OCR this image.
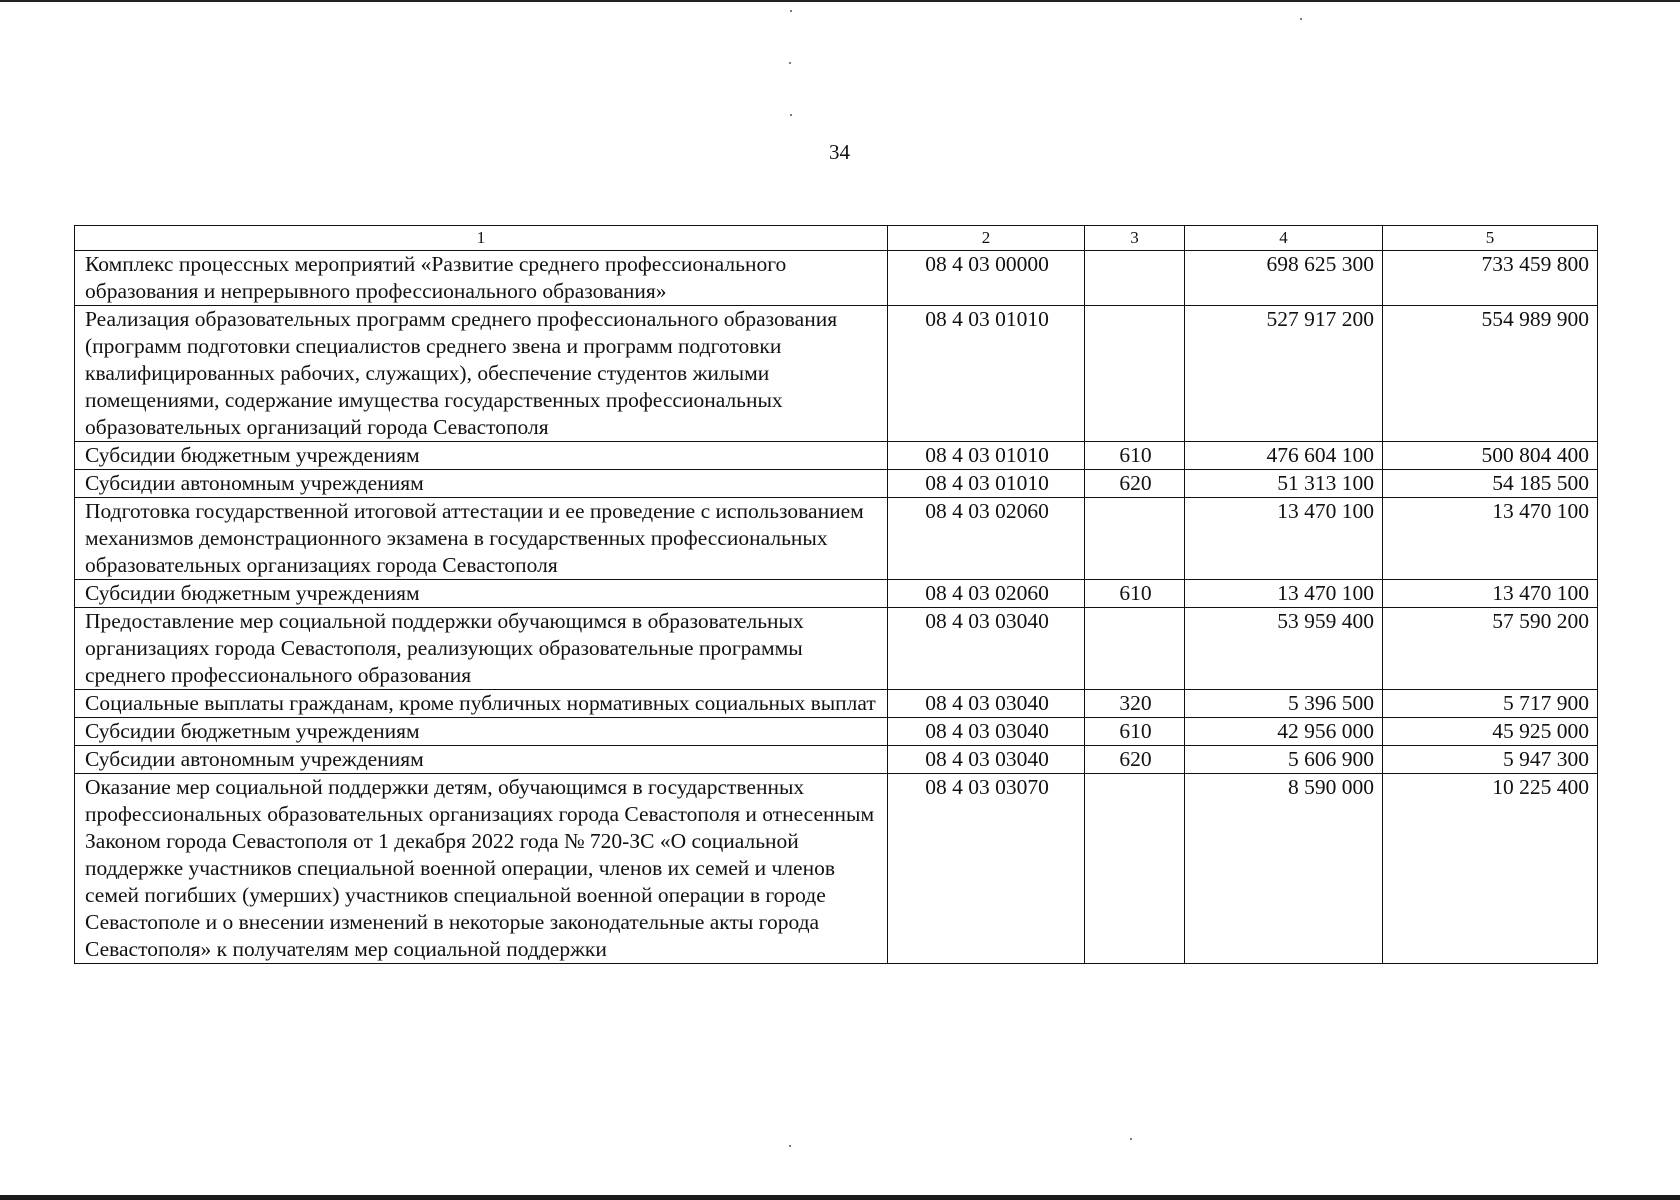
34
1	2	3	4	5
Комплекс процессных мероприятий «Развитие среднего профессионального образования и непрерывного профессионального образования»	08 4 03 00000		698 625 300	733 459 800
Реализация образовательных программ среднего профессионального образования (программ подготовки специалистов среднего звена и программ подготовки квалифицированных рабочих, служащих), обеспечение студентов жилыми помещениями, содержание имущества государственных профессиональных образовательных организаций города Севастополя	08 4 03 01010		527 917 200	554 989 900
Субсидии бюджетным учреждениям	08 4 03 01010	610	476 604 100	500 804 400
Субсидии автономным учреждениям	08 4 03 01010	620	51 313 100	54 185 500
Подготовка государственной итоговой аттестации и ее проведение с использованием механизмов демонстрационного экзамена в государственных профессиональных образовательных организациях города Севастополя	08 4 03 02060		13 470 100	13 470 100
Субсидии бюджетным учреждениям	08 4 03 02060	610	13 470 100	13 470 100
Предоставление мер социальной поддержки обучающимся в образовательных организациях города Севастополя, реализующих образовательные программы среднего профессионального образования	08 4 03 03040		53 959 400	57 590 200
Социальные выплаты гражданам, кроме публичных нормативных социальных выплат	08 4 03 03040	320	5 396 500	5 717 900
Субсидии бюджетным учреждениям	08 4 03 03040	610	42 956 000	45 925 000
Субсидии автономным учреждениям	08 4 03 03040	620	5 606 900	5 947 300
Оказание мер социальной поддержки детям, обучающимся в государственных профессиональных образовательных организациях города Севастополя и отнесенным Законом города Севастополя от 1 декабря 2022 года № 720-ЗС «О социальной поддержке участников специальной военной операции, членов их семей и членов семей погибших (умерших) участников специальной военной операции в городе Севастополе и о внесении изменений в некоторые законодательные акты города Севастополя» к получателям мер социальной поддержки	08 4 03 03070		8 590 000	10 225 400
